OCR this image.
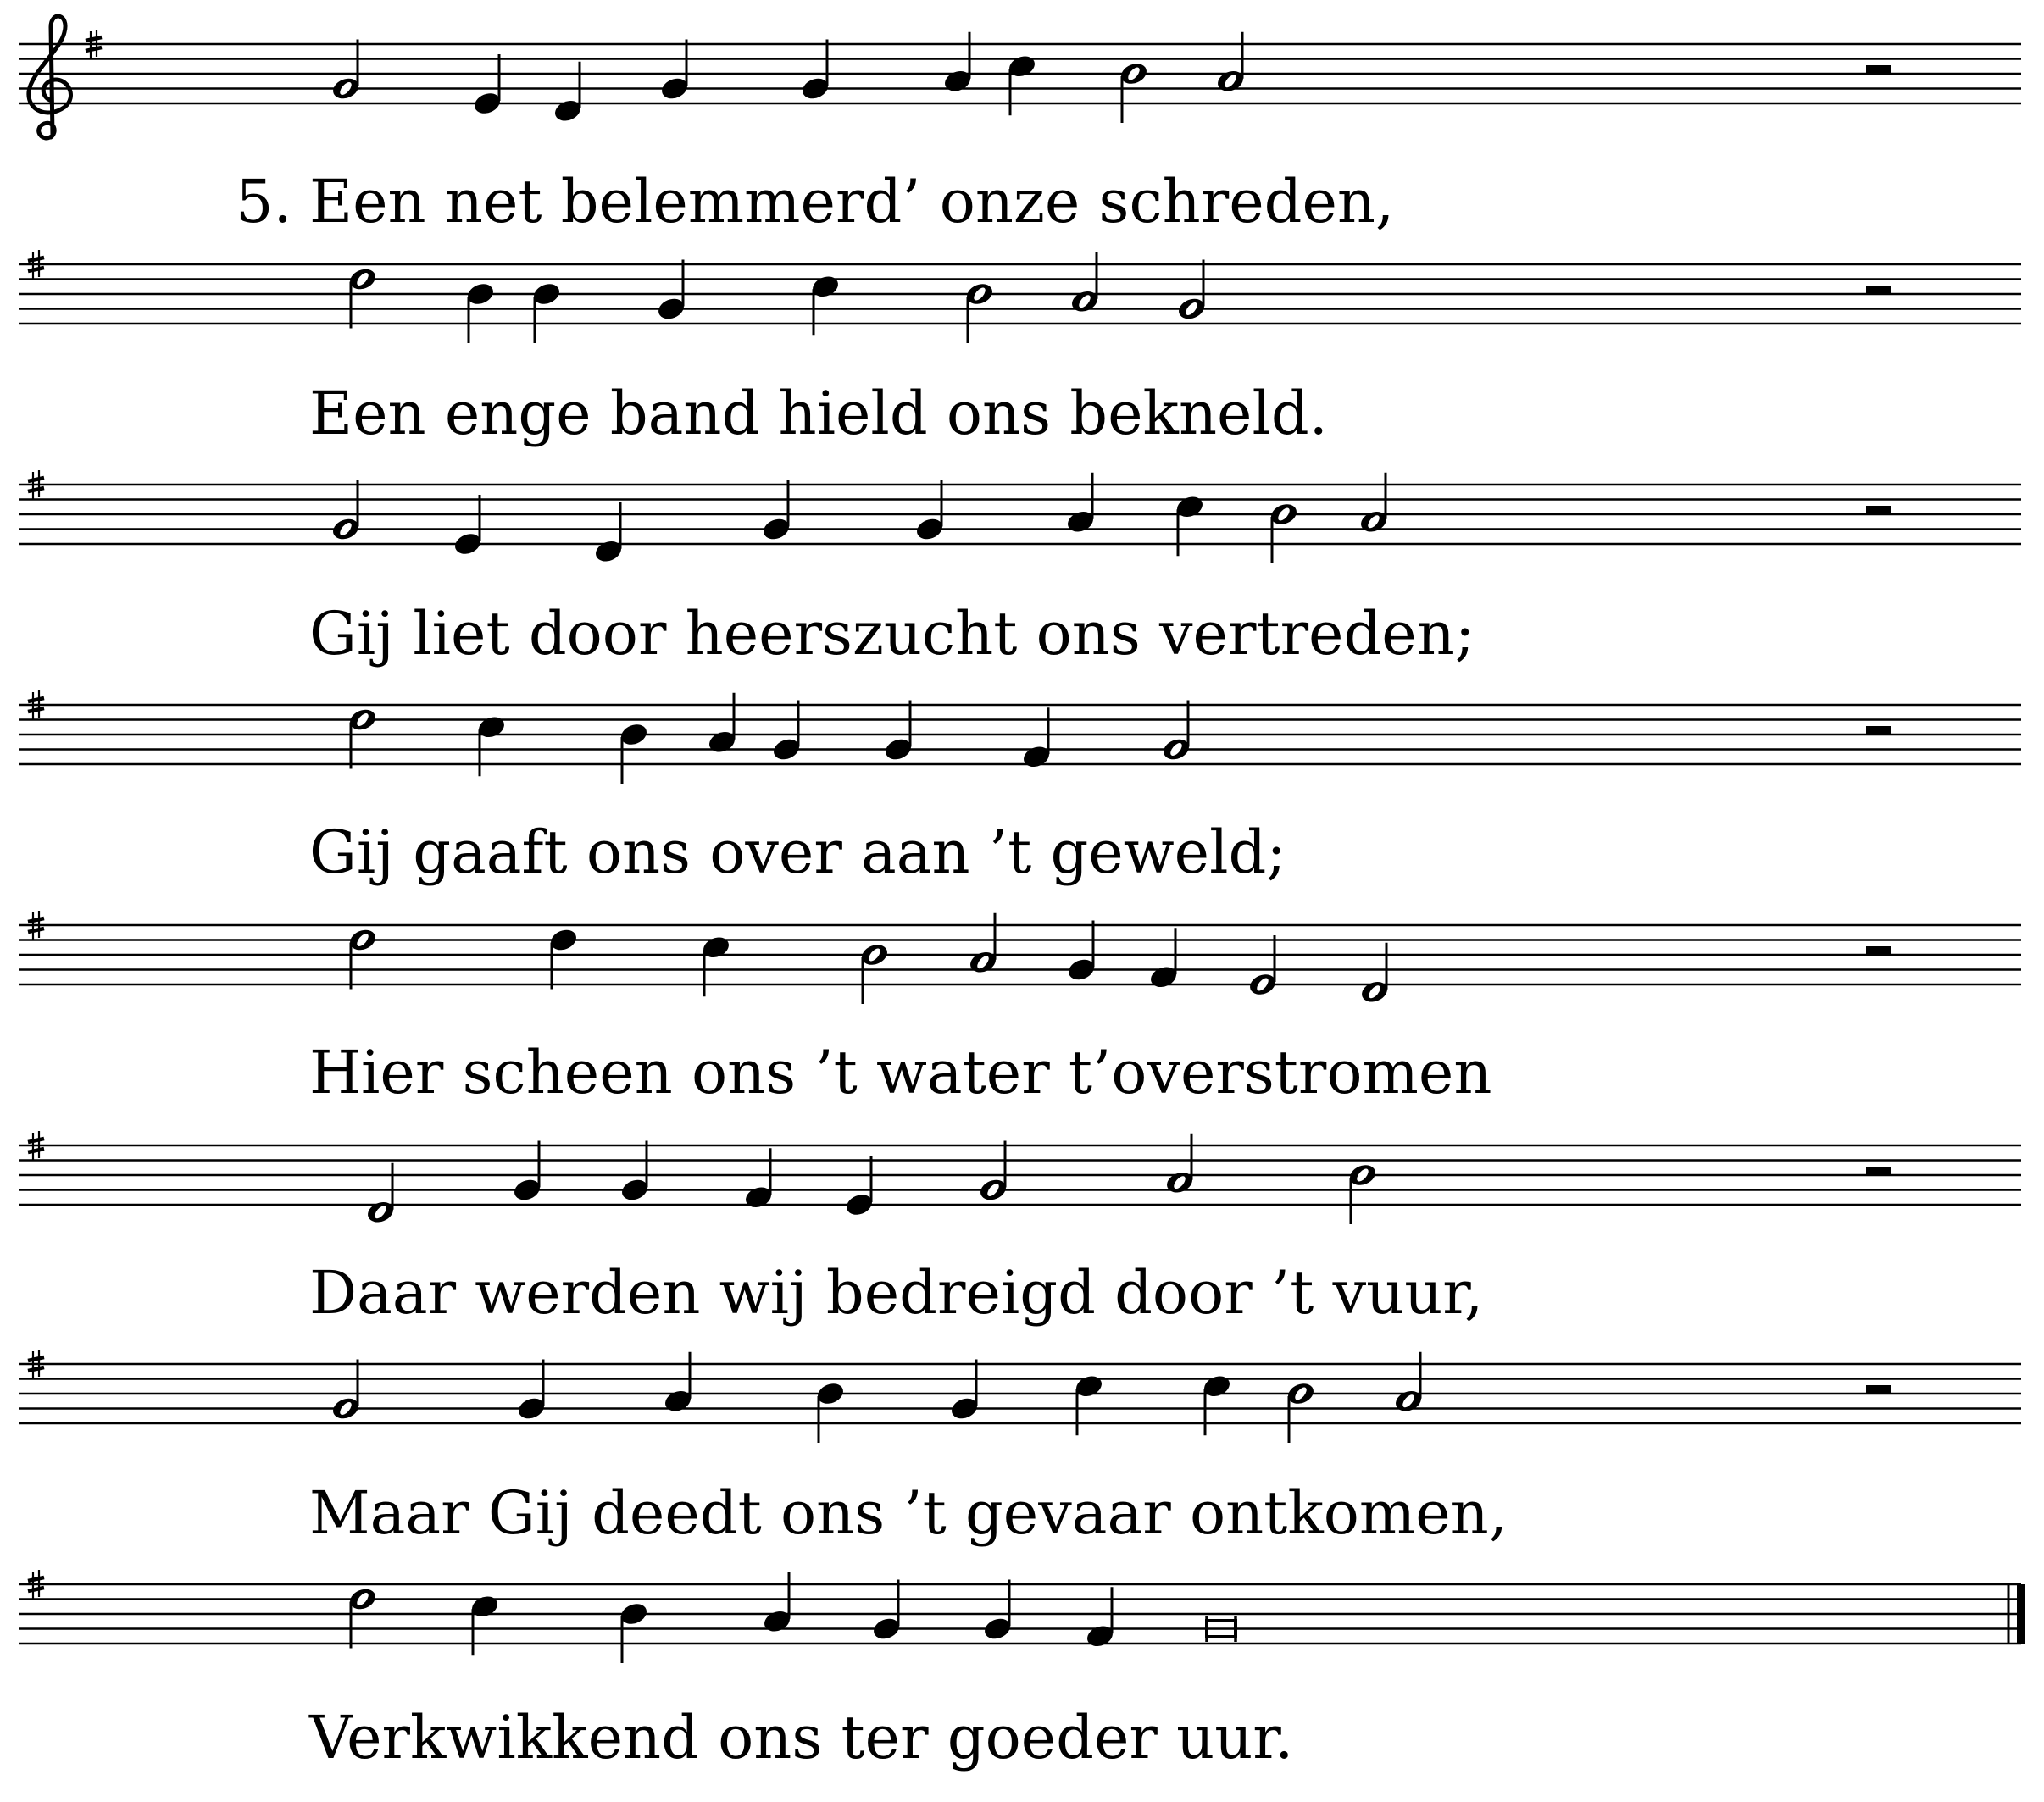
5. Een net belemmerd’ onze schreden,
Een enge band hield ons bekneld.
Gij liet door heerszucht ons vertreden;
Gij gaaft ons over aan ’t geweld;
Hier scheen ons ’t water t’overstromen
Daar werden wij bedreigd door ’t vuur,
Maar Gij deedt ons ’t gevaar ontkomen,
Verkwikkend ons ter goeder uur.
